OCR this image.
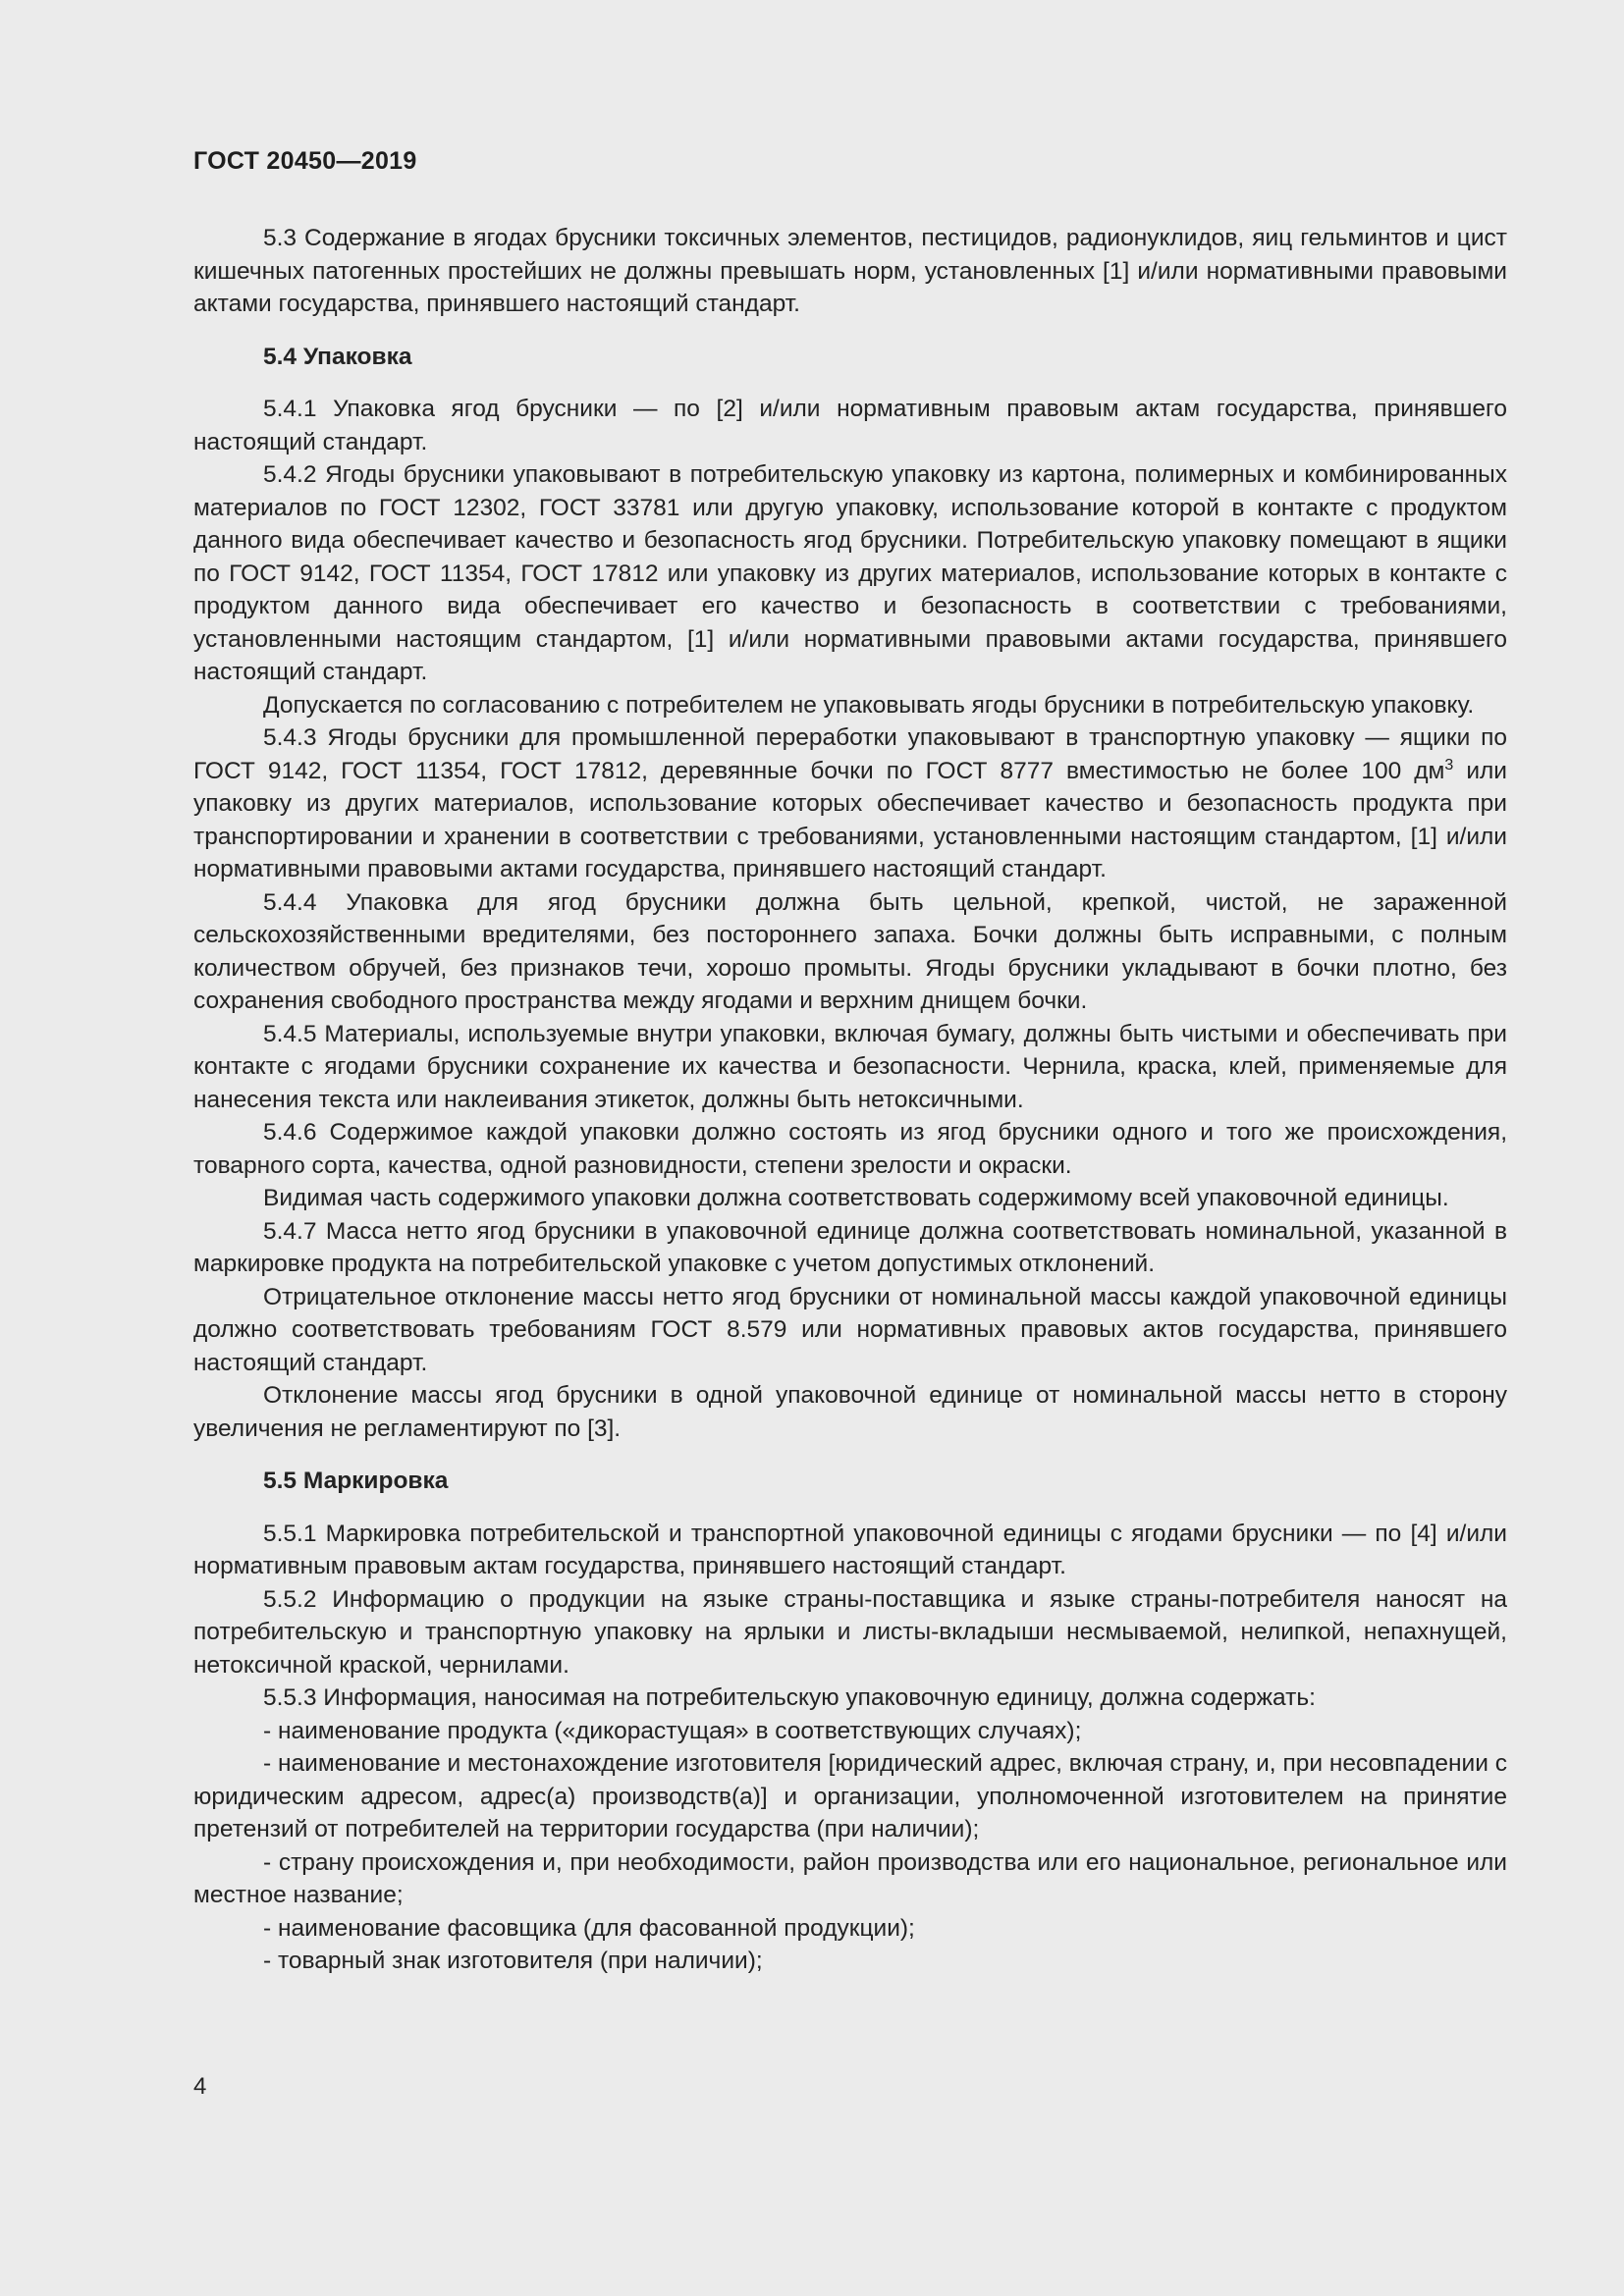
ГОСТ 20450—2019

5.3 Содержание в ягодах брусники токсичных элементов, пестицидов, радионуклидов, яиц гельминтов и цист кишечных патогенных простейших не должны превышать норм, установленных [1] и/или нормативными правовыми актами государства, принявшего настоящий стандарт.

5.4 Упаковка

5.4.1 Упаковка ягод брусники — по [2] и/или нормативным правовым актам государства, принявшего настоящий стандарт.

5.4.2 Ягоды брусники упаковывают в потребительскую упаковку из картона, полимерных и комбинированных материалов по ГОСТ 12302, ГОСТ 33781 или другую упаковку, использование которой в контакте с продуктом данного вида обеспечивает качество и безопасность ягод брусники. Потребительскую упаковку помещают в ящики по ГОСТ 9142, ГОСТ 11354, ГОСТ 17812 или упаковку из других материалов, использование которых в контакте с продуктом данного вида обеспечивает его качество и безопасность в соответствии с требованиями, установленными настоящим стандартом, [1] и/или нормативными правовыми актами государства, принявшего настоящий стандарт.

Допускается по согласованию с потребителем не упаковывать ягоды брусники в потребительскую упаковку.

5.4.3 Ягоды брусники для промышленной переработки упаковывают в транспортную упаковку — ящики по ГОСТ 9142, ГОСТ 11354, ГОСТ 17812, деревянные бочки по ГОСТ 8777 вместимостью не более 100 $дм^3$ или упаковку из других материалов, использование которых обеспечивает качество и безопасность продукта при транспортировании и хранении в соответствии с требованиями, установленными настоящим стандартом, [1] и/или нормативными правовыми актами государства, принявшего настоящий стандарт.

5.4.4 Упаковка для ягод брусники должна быть цельной, крепкой, чистой, не зараженной сельскохозяйственными вредителями, без постороннего запаха. Бочки должны быть исправными, с полным количеством обручей, без признаков течи, хорошо промыты. Ягоды брусники укладывают в бочки плотно, без сохранения свободного пространства между ягодами и верхним днищем бочки.

5.4.5 Материалы, используемые внутри упаковки, включая бумагу, должны быть чистыми и обеспечивать при контакте с ягодами брусники сохранение их качества и безопасности. Чернила, краска, клей, применяемые для нанесения текста или наклеивания этикеток, должны быть нетоксичными.

5.4.6 Содержимое каждой упаковки должно состоять из ягод брусники одного и того же происхождения, товарного сорта, качества, одной разновидности, степени зрелости и окраски.

Видимая часть содержимого упаковки должна соответствовать содержимому всей упаковочной единицы.

5.4.7 Масса нетто ягод брусники в упаковочной единице должна соответствовать номинальной, указанной в маркировке продукта на потребительской упаковке с учетом допустимых отклонений.

Отрицательное отклонение массы нетто ягод брусники от номинальной массы каждой упаковочной единицы должно соответствовать требованиям ГОСТ 8.579 или нормативных правовых актов государства, принявшего настоящий стандарт.

Отклонение массы ягод брусники в одной упаковочной единице от номинальной массы нетто в сторону увеличения не регламентируют по [3].

5.5 Маркировка

5.5.1 Маркировка потребительской и транспортной упаковочной единицы с ягодами брусники — по [4] и/или нормативным правовым актам государства, принявшего настоящий стандарт.

5.5.2 Информацию о продукции на языке страны-поставщика и языке страны-потребителя наносят на потребительскую и транспортную упаковку на ярлыки и листы-вкладыши несмываемой, нелипкой, непахнущей, нетоксичной краской, чернилами.

5.5.3 Информация, наносимая на потребительскую упаковочную единицу, должна содержать:

- наименование продукта («дикорастущая» в соответствующих случаях);

- наименование и местонахождение изготовителя [юридический адрес, включая страну, и, при несовпадении с юридическим адресом, адрес(а) производств(а)] и организации, уполномоченной изготовителем на принятие претензий от потребителей на территории государства (при наличии);

- страну происхождения и, при необходимости, район производства или его национальное, региональное или местное название;

- наименование фасовщика (для фасованной продукции);

- товарный знак изготовителя (при наличии);

4
